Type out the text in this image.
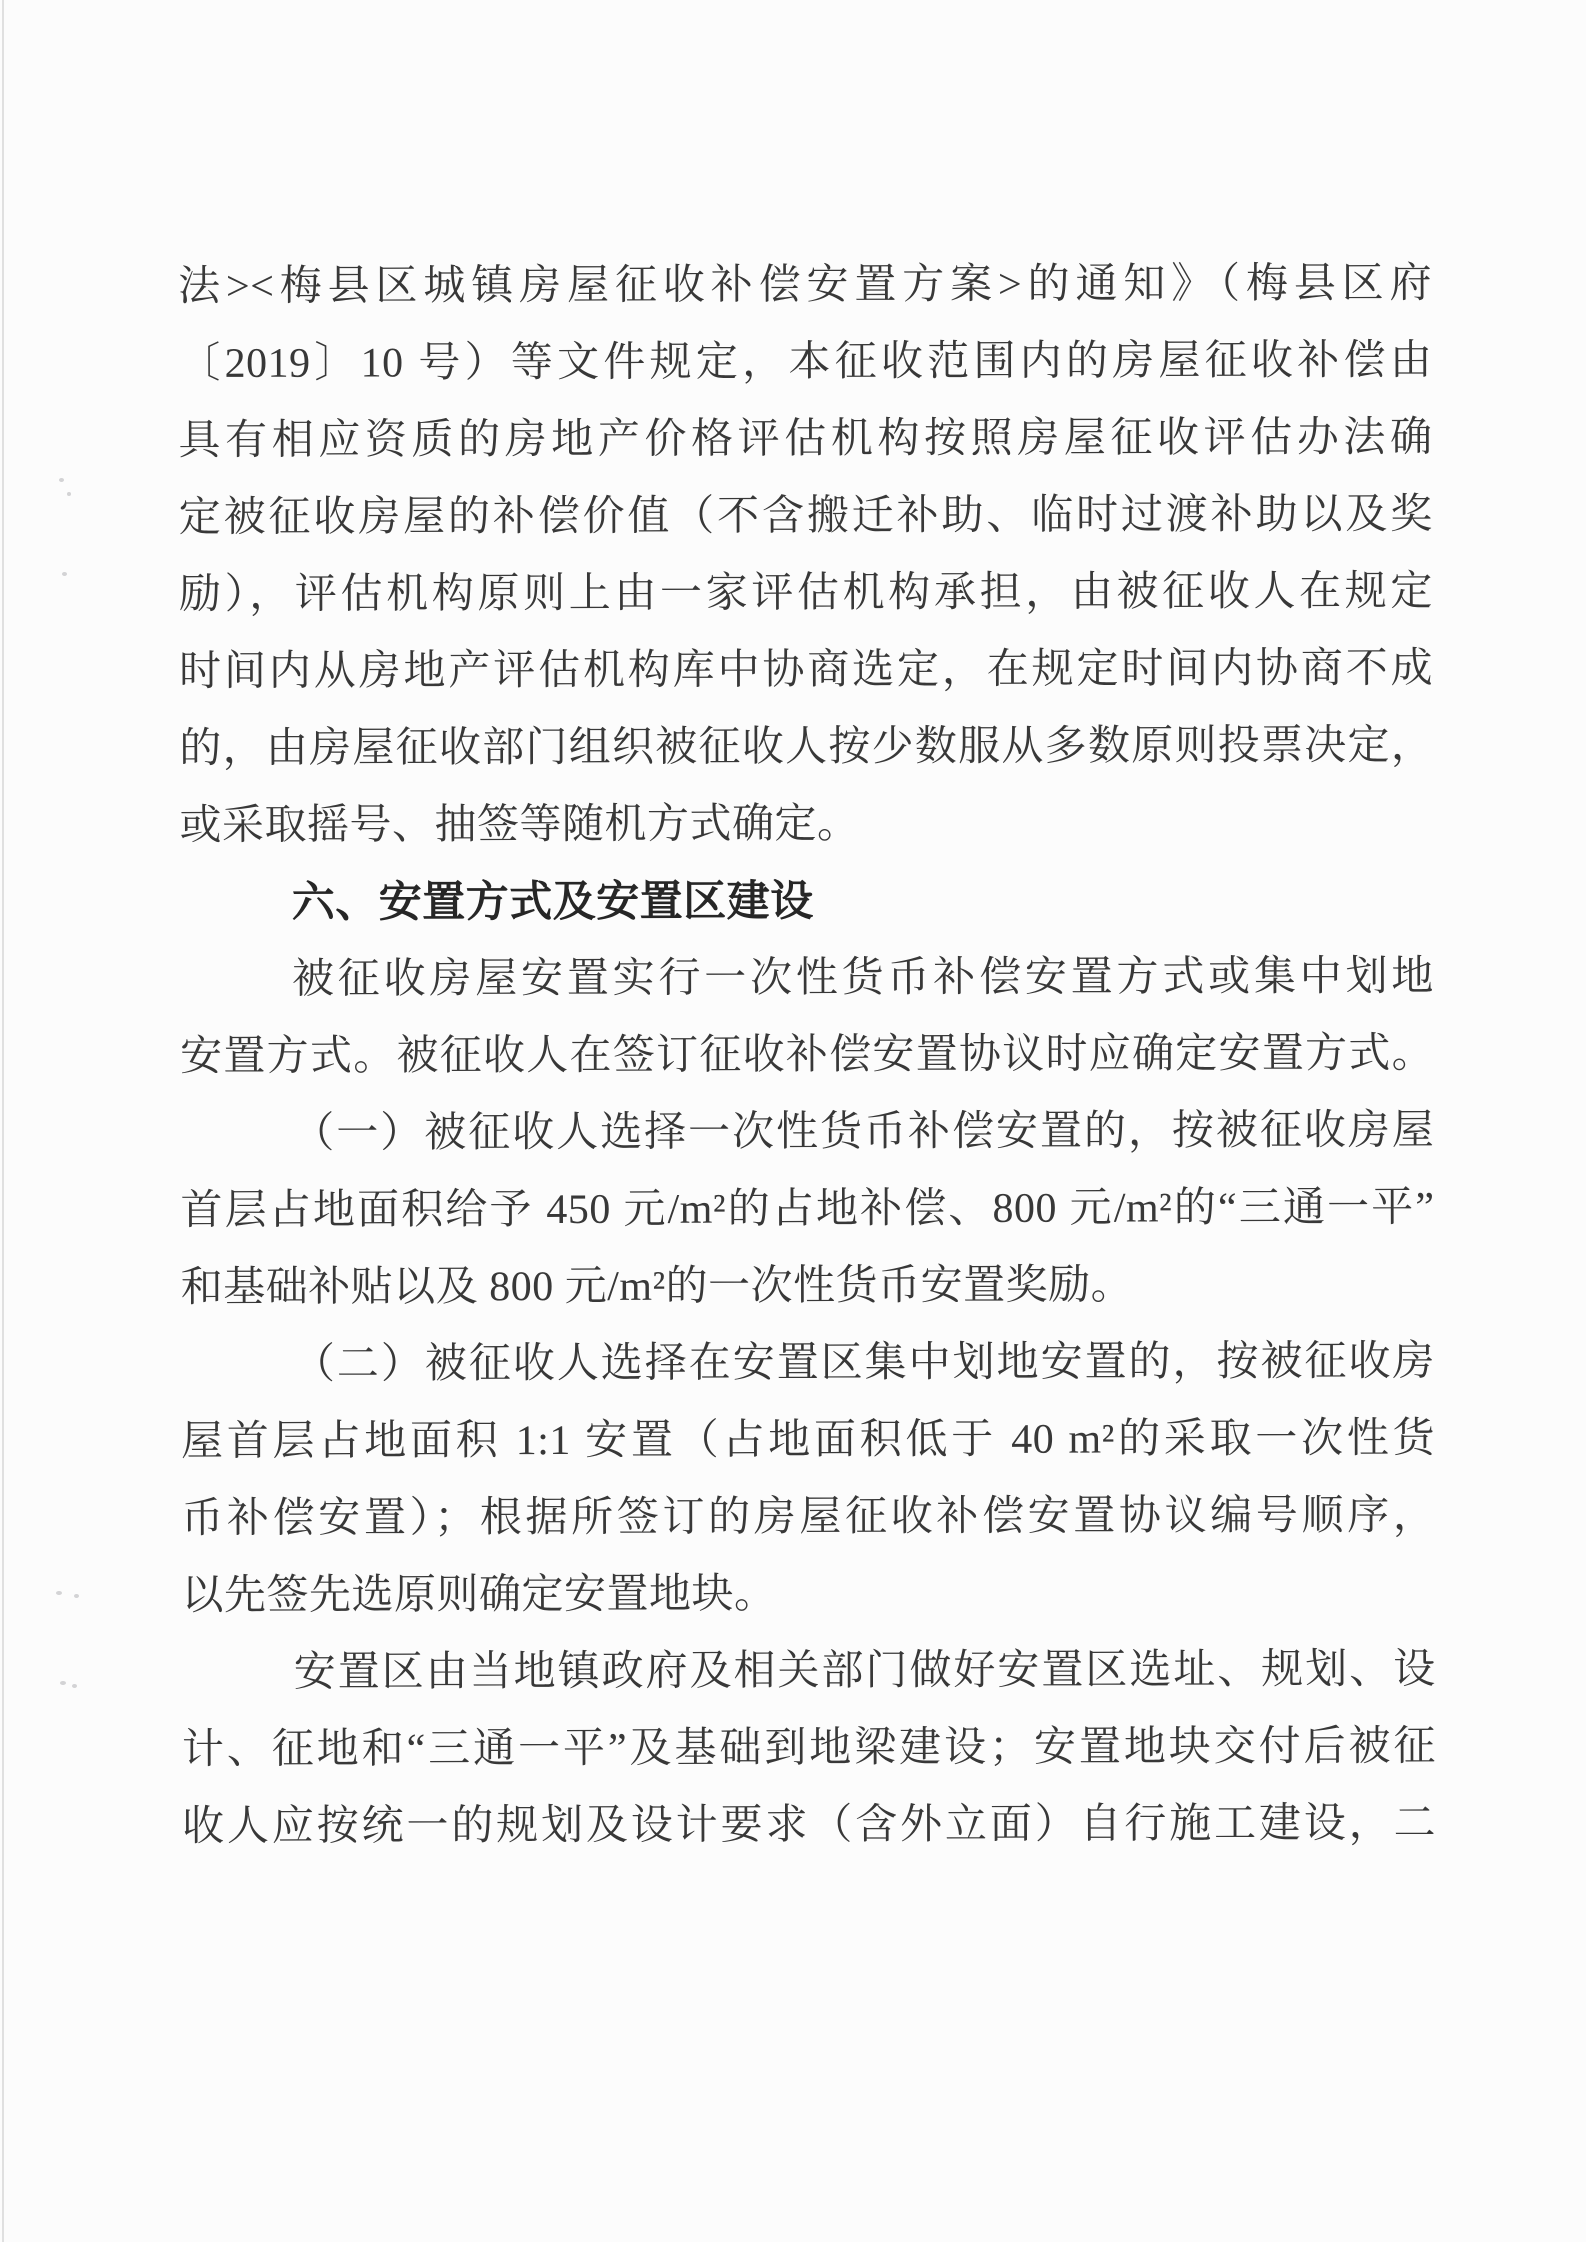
法><梅县区城镇房屋征收补偿安置方案>的通知》（梅县区府
〔2019〕10 号）等文件规定，本征收范围内的房屋征收补偿由
具有相应资质的房地产价格评估机构按照房屋征收评估办法确
定被征收房屋的补偿价值（不含搬迁补助、临时过渡补助以及奖
励），评估机构原则上由一家评估机构承担，由被征收人在规定
时间内从房地产评估机构库中协商选定，在规定时间内协商不成
的，由房屋征收部门组织被征收人按少数服从多数原则投票决定，
或采取摇号、抽签等随机方式确定。
六、安置方式及安置区建设
被征收房屋安置实行一次性货币补偿安置方式或集中划地
安置方式。被征收人在签订征收补偿安置协议时应确定安置方式。
（一）被征收人选择一次性货币补偿安置的，按被征收房屋
首层占地面积给予 450 元/m²的占地补偿、800 元/m²的“三通一平”
和基础补贴以及 800 元/m²的一次性货币安置奖励。
（二）被征收人选择在安置区集中划地安置的，按被征收房
屋首层占地面积 1:1 安置（占地面积低于 40 m²的采取一次性货
币补偿安置）；根据所签订的房屋征收补偿安置协议编号顺序，
以先签先选原则确定安置地块。
安置区由当地镇政府及相关部门做好安置区选址、规划、设
计、征地和“三通一平”及基础到地梁建设；安置地块交付后被征
收人应按统一的规划及设计要求（含外立面）自行施工建设，二
